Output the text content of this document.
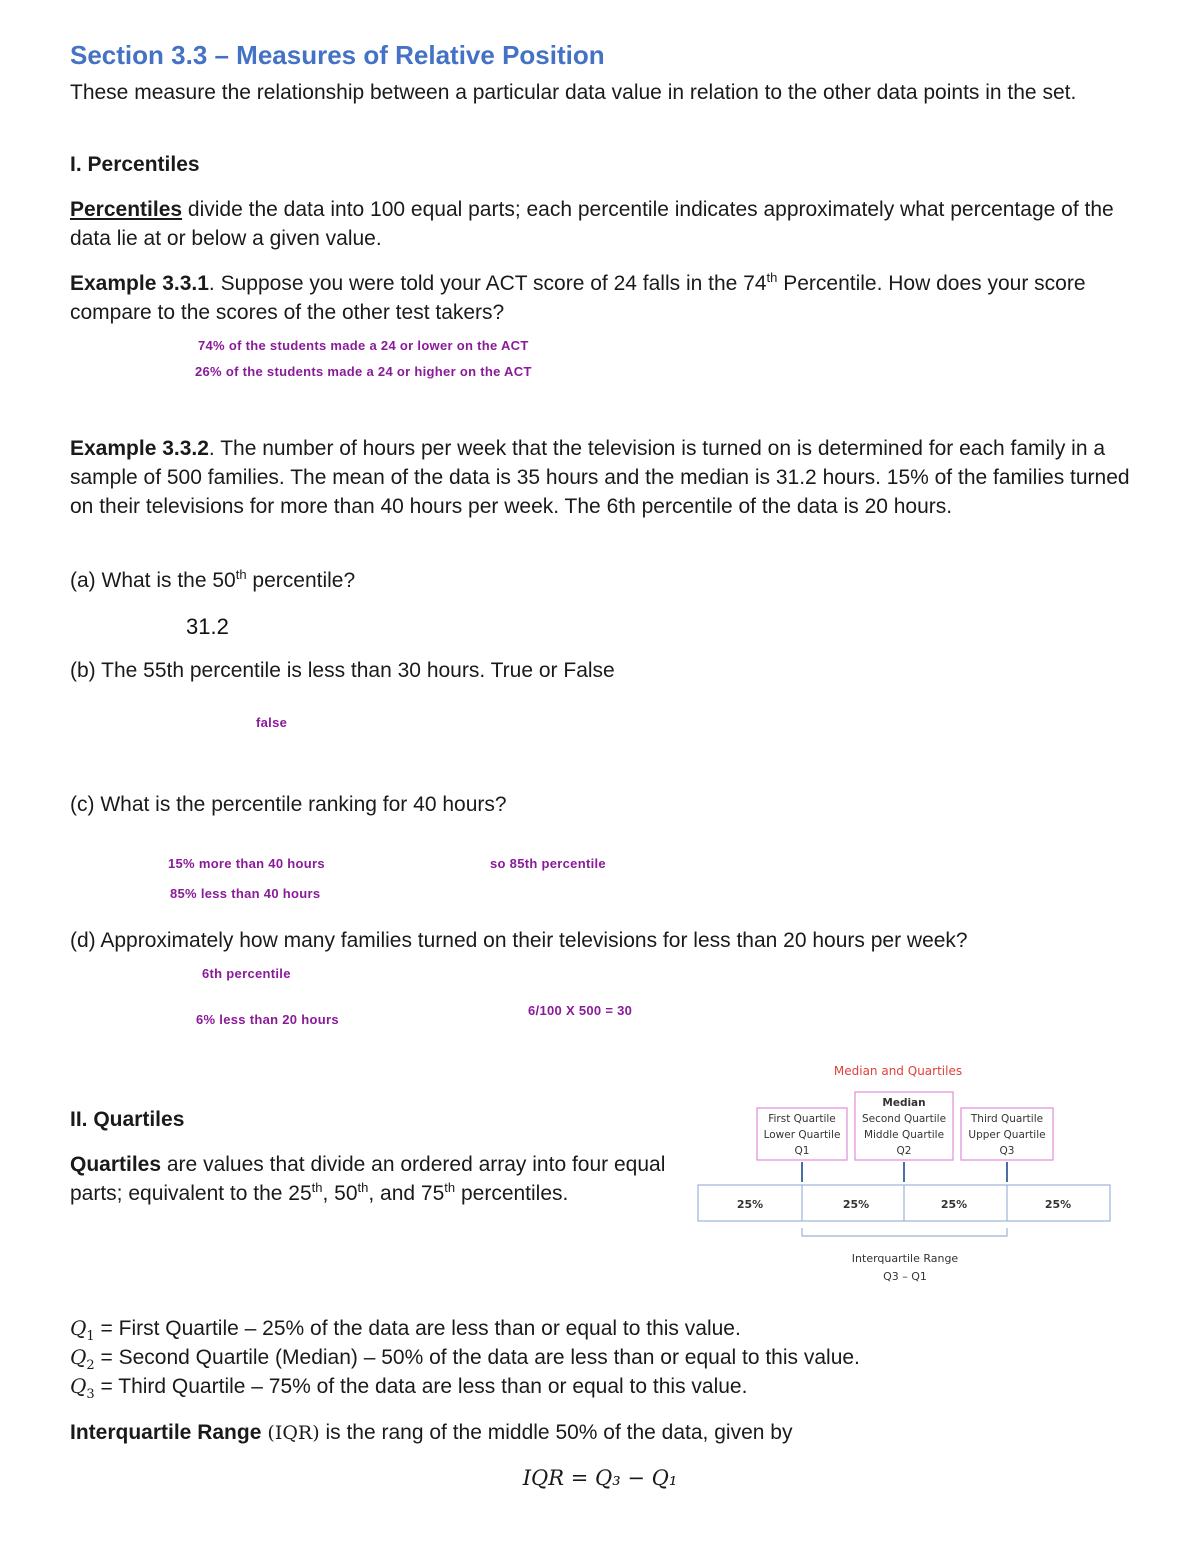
Section 3.3 – Measures of Relative Position

These measure the relationship between a particular data value in relation to the other data points in the set.

I. Percentiles

Percentiles divide the data into 100 equal parts; each percentile indicates approximately what percentage of the data lie at or below a given value.

Example 3.3.1. Suppose you were told your ACT score of 24 falls in the 74th Percentile. How does your score compare to the scores of the other test takers?

74% of the students made a 24 or lower on the ACT
26% of the students made a 24 or higher on the ACT

Example 3.3.2. The number of hours per week that the television is turned on is determined for each family in a sample of 500 families. The mean of the data is 35 hours and the median is 31.2 hours. 15% of the families turned on their televisions for more than 40 hours per week. The 6th percentile of the data is 20 hours.

(a) What is the 50th percentile?

31.2

(b) The 55th percentile is less than 30 hours. True or False

false

(c) What is the percentile ranking for 40 hours?

15% more than 40 hours
85% less than 40 hours
so 85th percentile

(d) Approximately how many families turned on their televisions for less than 20 hours per week?

6th percentile
6% less than 20 hours
6/100 X 500 = 30

II. Quartiles

Quartiles are values that divide an ordered array into four equal parts; equivalent to the 25th, 50th, and 75th percentiles.

Median and Quartiles
First Quartile
Lower Quartile
Q1
Median
Second Quartile
Middle Quartile
Q2
Third Quartile
Upper Quartile
Q3
25%	25%	25%	25%
Interquartile Range
Q3 – Q1

$Q_1$ = First Quartile – 25% of the data are less than or equal to this value.

$Q_2$ = Second Quartile (Median) – 50% of the data are less than or equal to this value.

$Q_3$ = Third Quartile – 75% of the data are less than or equal to this value.

Interquartile Range (IQR) is the rang of the middle 50% of the data, given by

IQR = Q₃ − Q₁
